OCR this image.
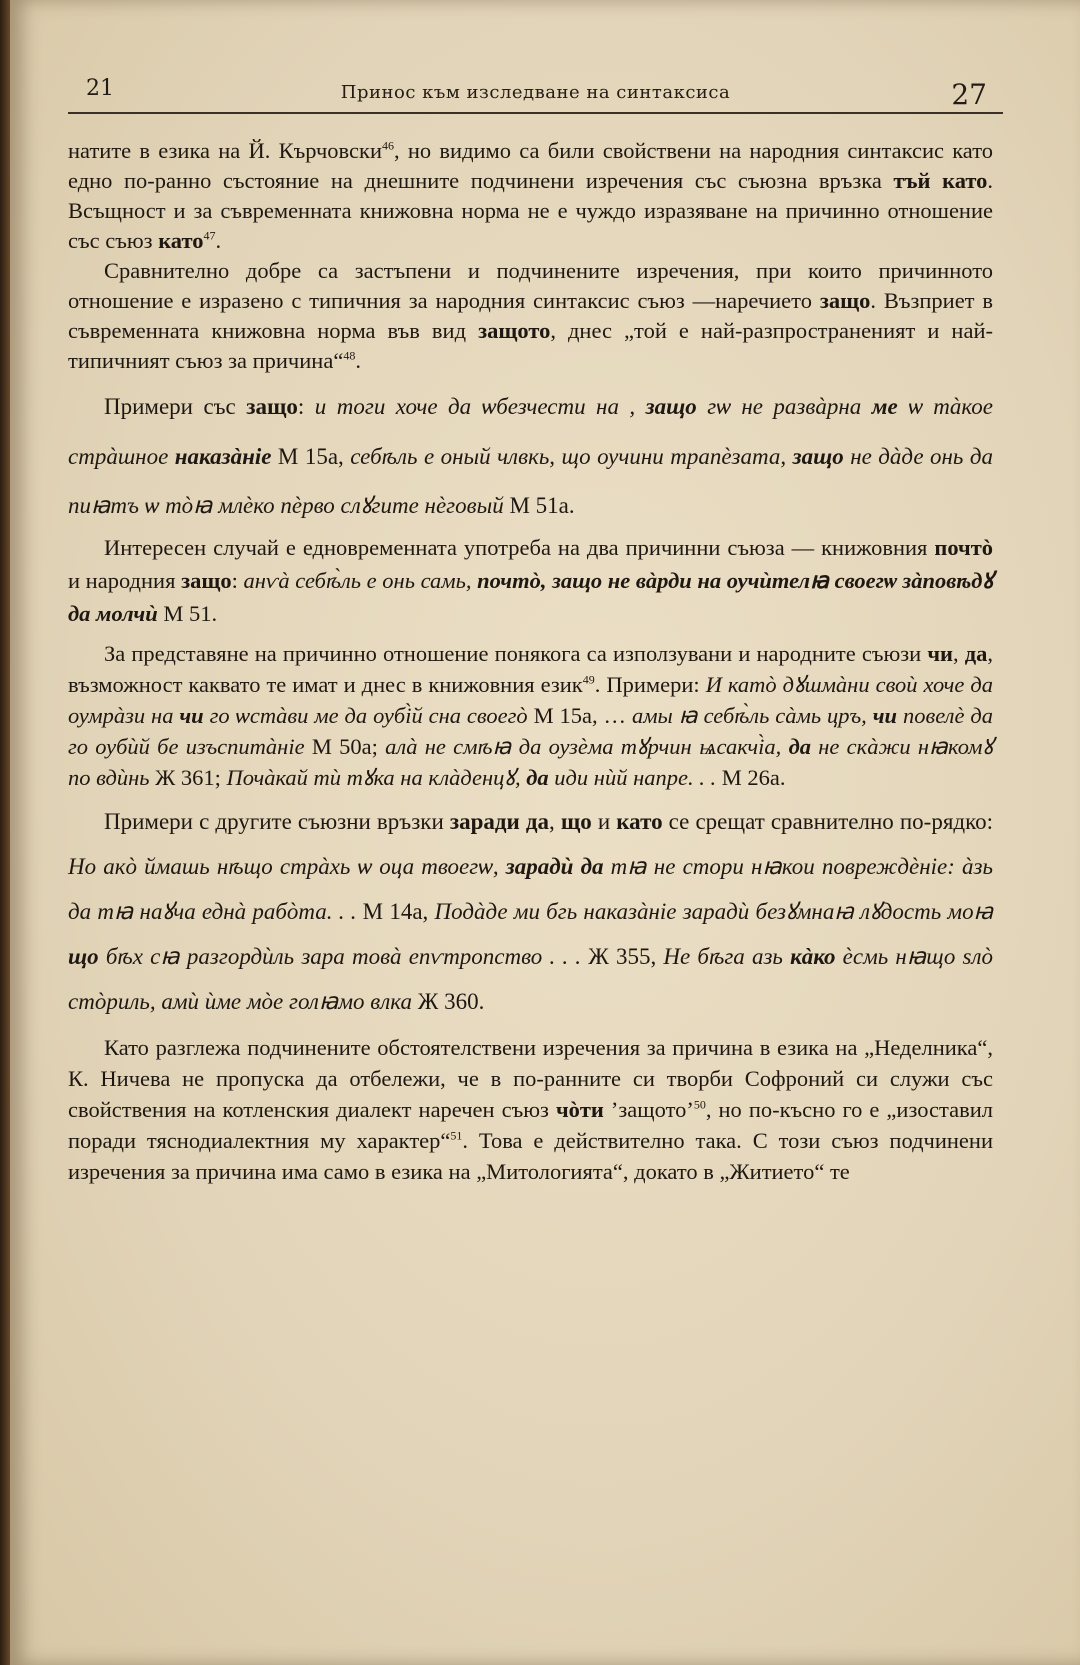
21	Принос към изследване на синтаксиса	27

натите в езика на Й. Кърчовски$^{46}$, но видимо са били свойствени на народния синтаксис като едно по-ранно състояние на днешните подчинени изречения със съюзна връзка тъй като. Всъщност и за съвременната книжовна норма не е чуждо изразяване на причинно отношение със съюз като$^{47}$.

Сравнително добре са застъпени и подчинените изречения, при които причинното отношение е изразено с типичния за народния синтаксис съюз —наречието защо. Възприет в съвременната книжовна норма във вид защото, днес „той е най-разпространеният и най-типичният съюз за причина“$^{48}$.

Примери със защо: и тоги хоче да ѡбезчести на , защо гѡ не развàрна ме ѡ тàкое стрàшное наказàніе М 15а, себѣль е оный члвкь, що оучини трапѐзата, защо не дàде онь да пиꙗтъ ѡ тòꙗ млѐко пѐрво слꙋгите нѐговый М 51а.

Интересен случай е едновременната употреба на два причинни съюза — книжовния почтò и народния защо: анѵà себѣ̀ль е онь самь, почтò, защо не вàрди на оучѝтелꙗ своегѡ зàповѣдꙋ да молчѝ М 51.

За представяне на причинно отношение понякога са използувани и народните съюзи чи, да, възможност каквато те имат и днес в книжовния език$^{49}$. Примери: И катò дꙋшмàни своѝ хоче да оумрàзи на чи го ѡстàви ме да оубі̀й сна своегò М 15а, … амы ꙗ себѣ̀ль сàмь цръ, чи повелѐ да го оубѝй бе изъспитàніе М 50а; алà не смѣꙗ да оузѐма тꙋрчин ѩсакчі̀а, да не скàжи нꙗкомꙋ по вдѝнь Ж 361; Почàкай тѝ тꙋка на клàденцꙋ, да иди нѝй напре. . . М 26а.

Примери с другите съюзни връзки заради да, що и като се срещат сравнително по-рядко: Но акò ймашь нѣщо стрàхь ѡ оца твоегѡ, зарадѝ да тꙗ не стори нꙗкои повреждѐніе: àзь да тꙗ наꙋча еднà рабòта. . . М 14а, Подàде ми бгь наказàніе зарадѝ безꙋмнаꙗ лꙋдость моꙗ що бѣх сꙗ разгордѝль зара товà епѵтропство . . . Ж 355, Не бѣга азь кàко ѐсмь нꙗщо ѕлò стòриль, амѝ ѝме мòе голꙗмо влка Ж 360.

Като разглежа подчинените обстоятелствени изречения за причина в езика на „Неделника“, К. Ничева не пропуска да отбележи, че в по-ранните си творби Софроний си служи със свойствения на котленския диалект наречен съюз чòти ’защото’$^{50}$, но по-късно го е „изоставил поради тяснодиалектния му характер“$^{51}$. Това е действително така. С този съюз подчинени изречения за причина има само в езика на „Митологията“, докато в „Житието“ те
